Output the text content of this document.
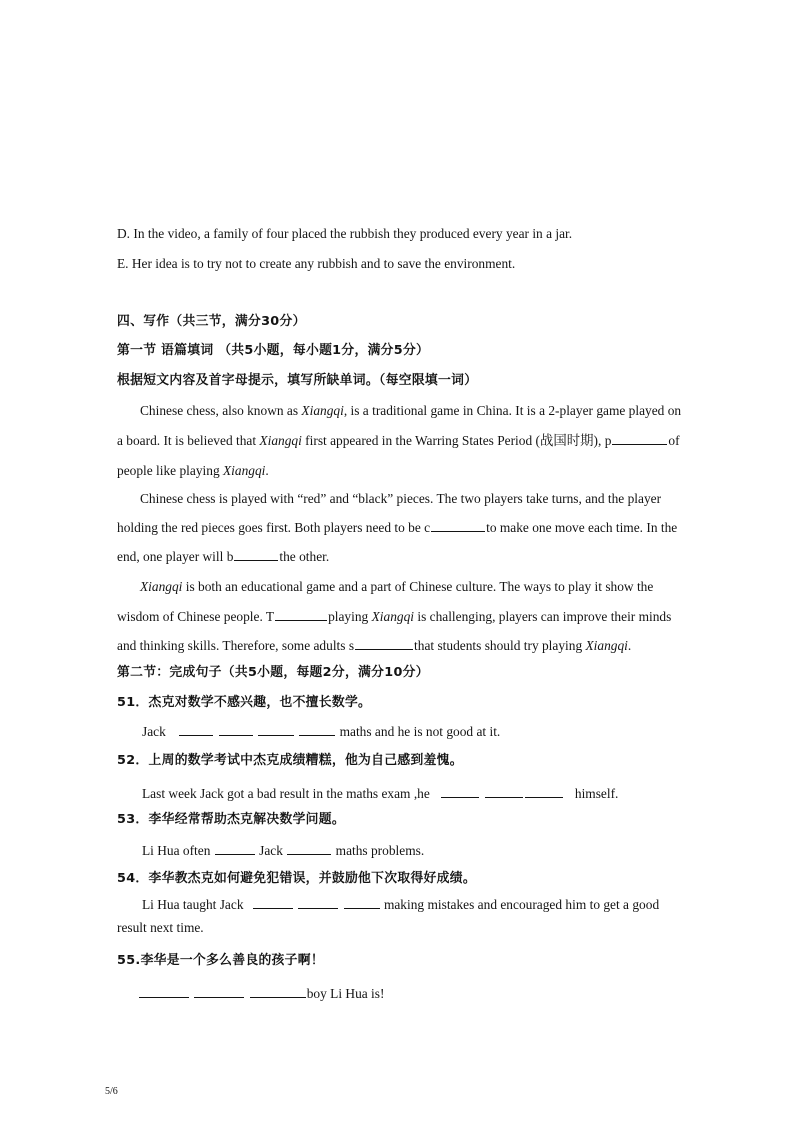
D. In the video, a family of four placed the rubbish they produced every year in a jar.
E. Her idea is to try not to create any rubbish and to save the environment.
四、写作（共三节，满分30分）
第一节 语篇填词 （共5小题，每小题1分，满分5分）
根据短文内容及首字母提示，填写所缺单词。（每空限填一词）
Chinese chess, also known as Xiangqi, is a traditional game in China. It is a 2-player game played on
a board. It is believed that Xiangqi first appeared in the Warring States Period (战国时期), p	of
people like playing Xiangqi.
Chinese chess is played with “red” and “black” pieces. The two players take turns, and the player
holding the red pieces goes first. Both players need to be c	to make one move each time. In the
end, one player will b	the other.
Xiangqi is both an educational game and a part of Chinese culture. The ways to play it show the
wisdom of Chinese people. T	playing Xiangqi is challenging, players can improve their minds
and thinking skills. Therefore, some adults s	that students should try playing Xiangqi.
第二节：完成句子（共5小题，每题2分，满分10分）
51．杰克对数学不感兴趣，也不擅长数学。
Jack	maths and he is not good at it.
52．上周的数学考试中杰克成绩糟糕，他为自己感到羞愧。
Last week Jack got a bad result in the maths exam ,he	himself.
53．李华经常帮助杰克解决数学问题。
Li Hua often	Jack	maths problems.
54．李华教杰克如何避免犯错误，并鼓励他下次取得好成绩。
Li Hua taught Jack	making mistakes and encouraged him to get a good
result next time.
55.李华是一个多么善良的孩子啊！
boy Li Hua is!
5/6
